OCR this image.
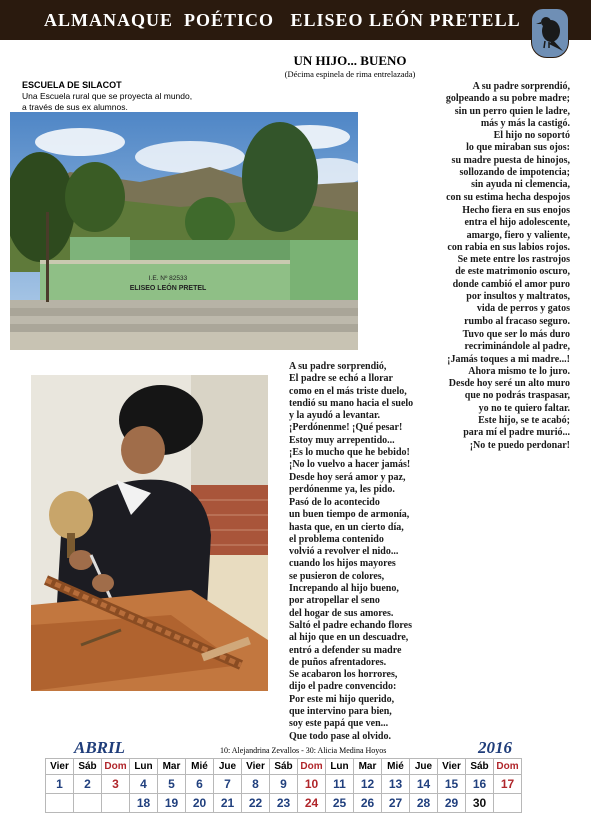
ALMANAQUE  POÉTICO   ELISEO LEÓN PRETELL
UN HIJO... BUENO
(Décima espinela de rima entrelazada)
ESCUELA DE SILACOT
Una Escuela rural que se proyecta al mundo,
a través de sus ex alumnos.
I.E. Nº 82533
ELISEO LEÓN PRETEL
A su padre sorprendió,
golpeando a su pobre madre;
sin un perro quien le ladre,
más y más la castigó.
El hijo no soportó
lo que miraban sus ojos:
su madre puesta de hinojos,
sollozando de impotencia;
sin ayuda ni clemencia,
con su estima hecha despojos
Hecho fiera en sus enojos
entra el hijo adolescente,
amargo, fiero y valiente,
con rabia en sus labios rojos.
Se mete entre los rastrojos
de este matrimonio oscuro,
donde cambió el amor puro
por insultos y maltratos,
vida de perros y gatos
rumbo al fracaso seguro.
Tuvo que ser lo más duro
recriminándole al padre,
¡Jamás toques a mi madre...!
Ahora mismo te lo juro.
Desde hoy seré un alto muro
que no podrás traspasar,
yo no te quiero faltar.
Este hijo, se te acabó;
para mí el padre murió...
¡No te puedo perdonar!
A su padre sorprendió,
El padre se echó a llorar
como en el más triste duelo,
tendió su mano hacia el suelo
y la ayudó a levantar.
¡Perdónenme! ¡Qué pesar!
Estoy muy arrepentido...
¡Es lo mucho que he bebido!
¡No lo vuelvo a hacer jamás!
Desde hoy será amor y paz,
perdónenme ya, les pido.
Pasó de lo acontecido
un buen tiempo de armonía,
hasta que, en un cierto día,
el problema contenido
volvió a revolver el nido...
cuando los hijos mayores
se pusieron de colores,
Increpando al hijo bueno,
por atropellar el seno
del hogar de sus amores.
Saltó el padre echando flores
al hijo que en un descuadre,
entró a defender su madre
de puños afrentadores.
Se acabaron los horrores,
dijo el padre convencido:
Por este mi hijo querido,
que intervino para bien,
soy este papá que ven...
Que todo pase al olvido.
ABRIL	10: Alejandrina Zevallos - 30: Alicia Medina Hoyos	2016
Vier	Sáb	Dom	Lun	Mar	Mié	Jue	Vier	Sáb	Dom	Lun	Mar	Mié	Jue	Vier	Sáb	Dom
1	2	3	4	5	6	7	8	9	10	11	12	13	14	15	16	17
			18	19	20	21	22	23	24	25	26	27	28	29	30	
